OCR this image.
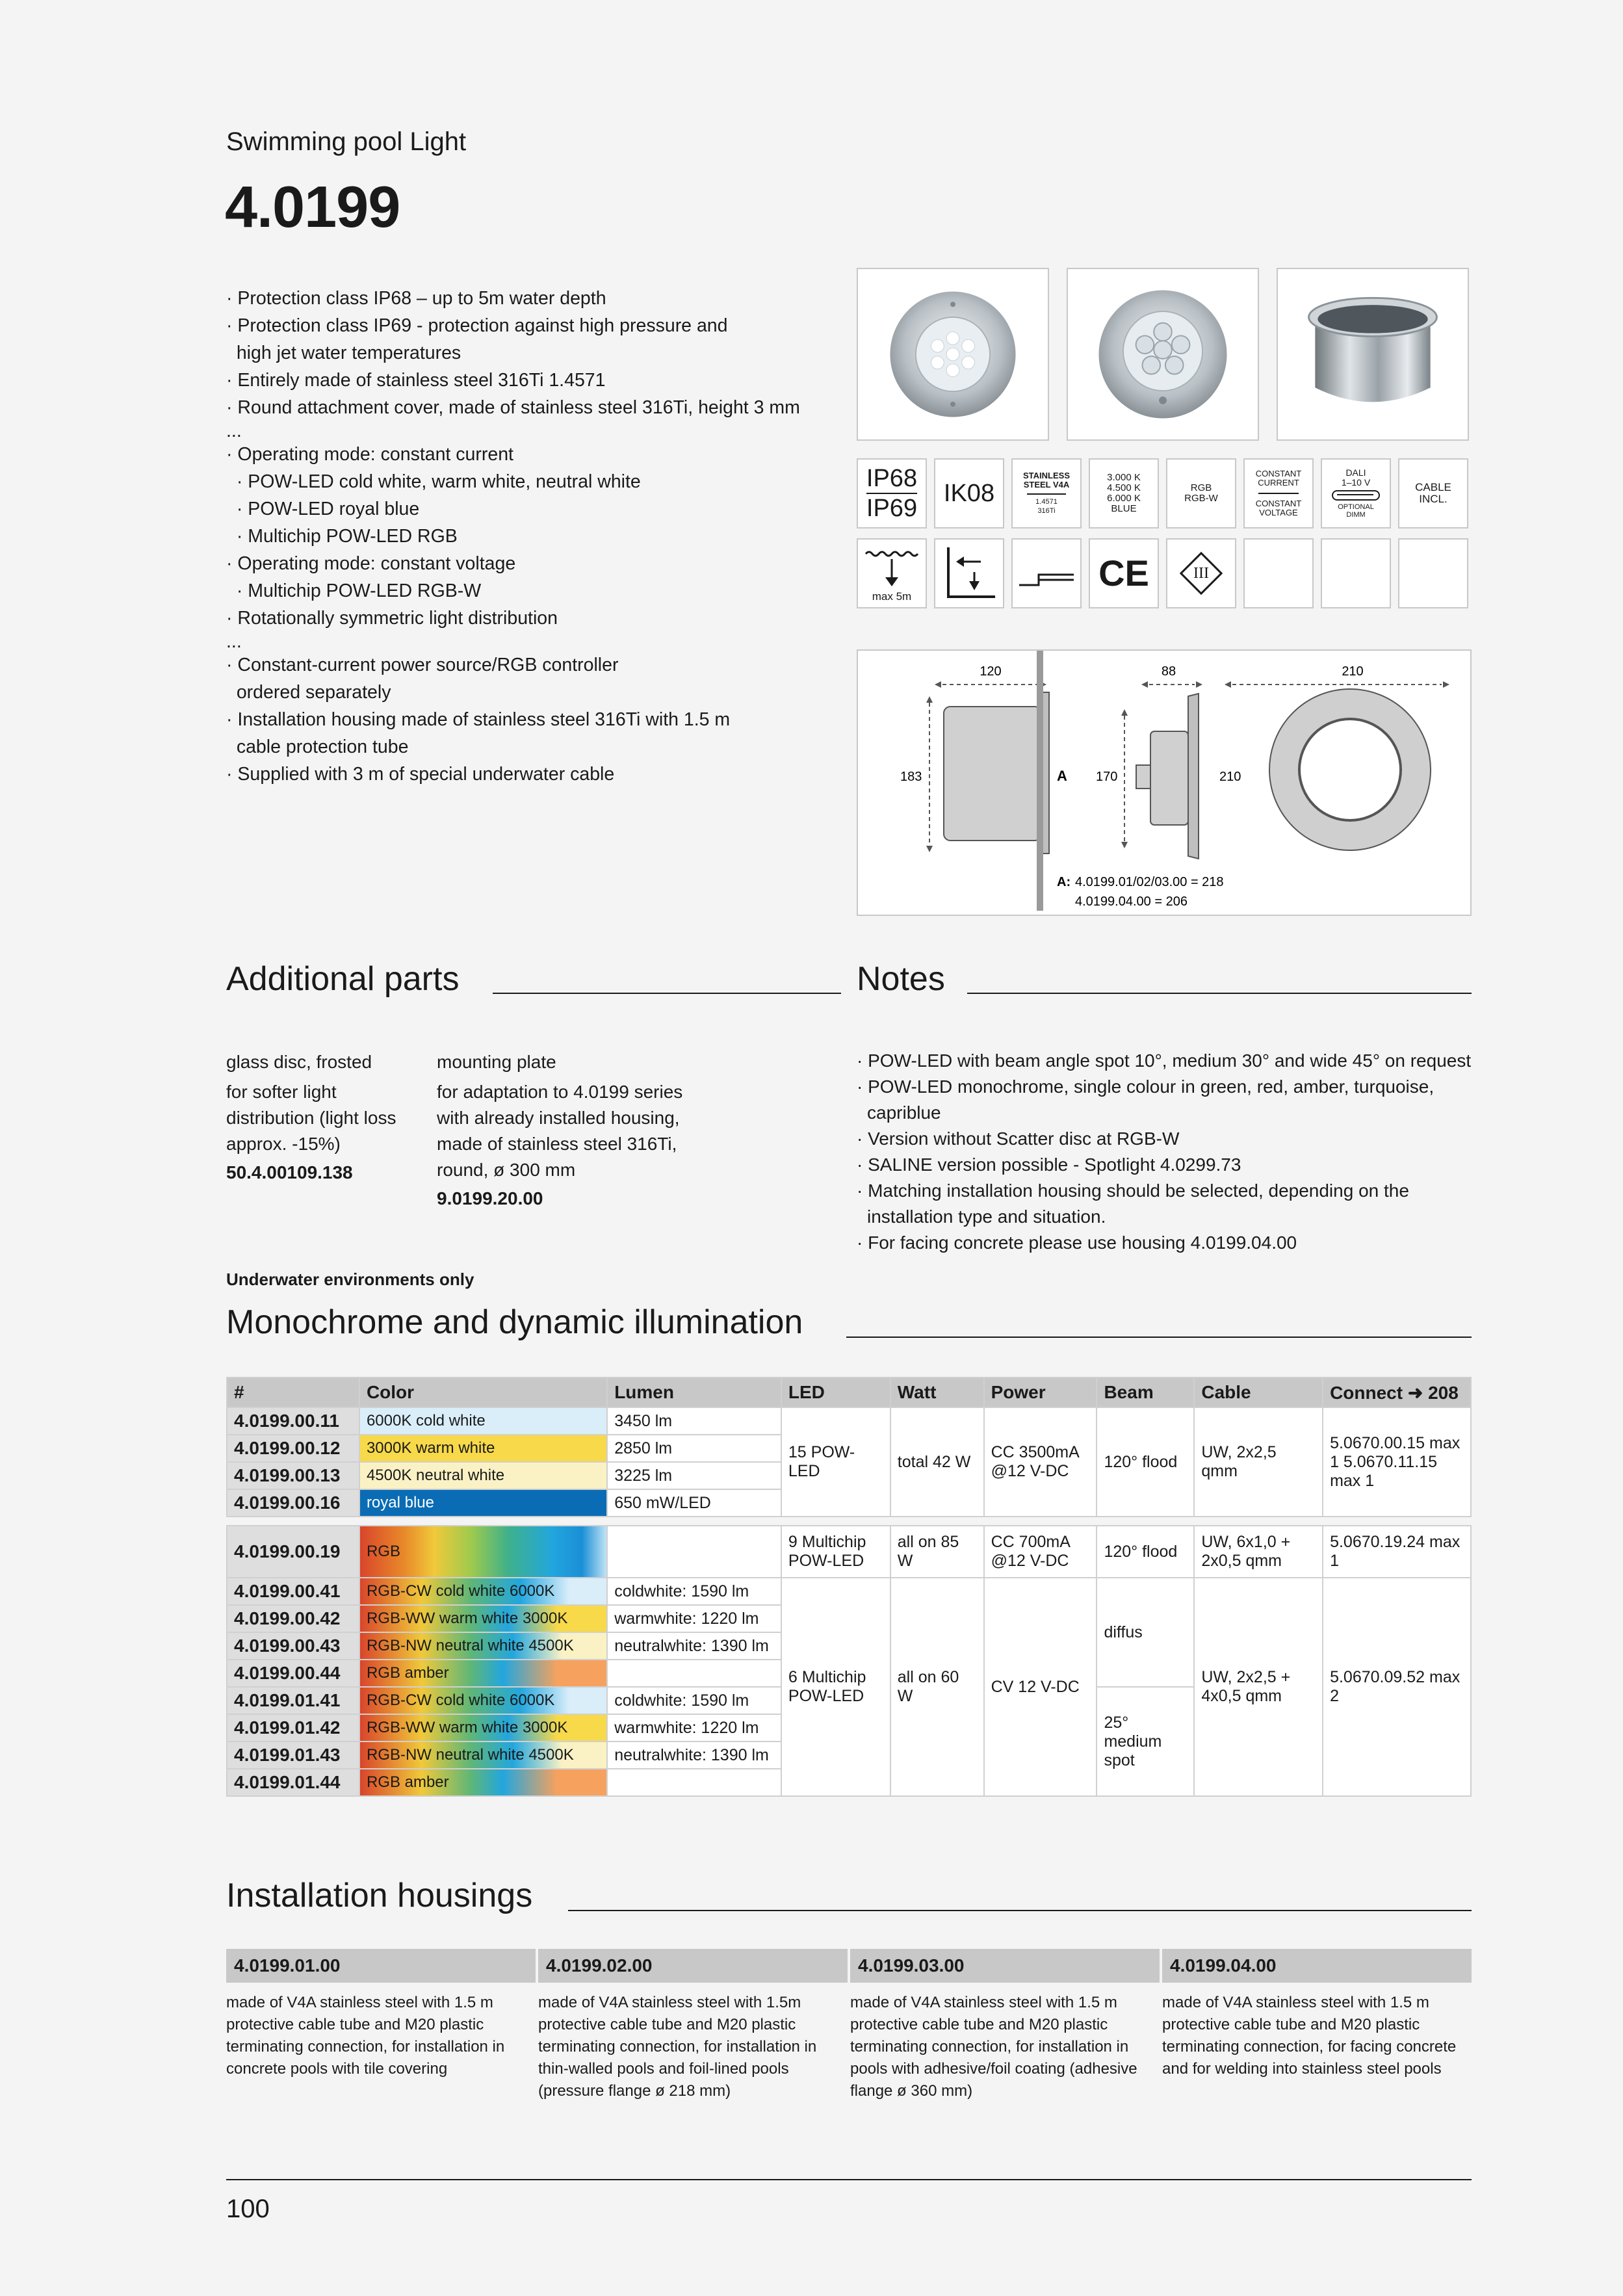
Swimming pool Light
4.0199
· Protection class IP68 – up to 5m water depth
· Protection class IP69 - protection against high pressure and
high jet water temperatures
· Entirely made of stainless steel 316Ti 1.4571
· Round attachment cover, made of stainless steel 316Ti, height 3 mm
...
· Operating mode: constant current
· POW-LED cold white, warm white, neutral white
· POW-LED royal blue
· Multichip POW-LED RGB
· Operating mode: constant voltage
· Multichip POW-LED RGB-W
· Rotationally symmetric light distribution
...
· Constant-current power source/RGB controller
ordered separately
· Installation housing made of stainless steel 316Ti with 1.5 m
cable protection tube
· Supplied with 3 m of special underwater cable
IP68
IP69
IK08
STAINLESS
STEEL V4A
1.4571
316Ti
3.000 K
4.500 K
6.000 K
BLUE
RGB
RGB-W
CONSTANT
CURRENT
CONSTANT
VOLTAGE
DALI
1–10 V
OPTIONAL
DIMM
CABLE
INCL.
max 5m
CE	III
120
183	A
88
170	210
210
A: 4.0199.01/02/03.00 = 218
4.0199.04.00 = 206
Additional parts	Notes
glass disc, frosted
for softer light
distribution (light loss
approx. -15%)
50.4.00109.138
mounting plate
for adaptation to 4.0199 series
with already installed housing,
made of stainless steel 316Ti,
round, ø 300 mm
9.0199.20.00
· POW-LED with beam angle spot 10°, medium 30° and wide 45° on request
· POW-LED monochrome, single colour in green, red, amber, turquoise, capriblue
· Version without Scatter disc at RGB-W
· SALINE version possible - Spotlight 4.0299.73
· Matching installation housing should be selected, depending on the installation type and situation.
· For facing concrete please use housing 4.0199.04.00
Underwater environments only
Monochrome and dynamic illumination
#	Color	Lumen	LED	Watt	Power	Beam	Cable	Connect ➜ 208
4.0199.00.11	6000K cold white	3450 lm	15 POW-LED	total 42 W	CC 3500mA @12 V-DC	120° flood	UW, 2x2,5 qmm	5.0670.00.15 max 1 5.0670.11.15 max 1
4.0199.00.12	3000K warm white	2850 lm						
4.0199.00.13	4500K neutral white	3225 lm						
4.0199.00.16	royal blue	650 mW/LED						

4.0199.00.19	RGB		9 Multichip POW-LED	all on 85 W	CC 700mA @12 V-DC	120° flood	UW, 6x1,0 + 2x0,5 qmm	5.0670.19.24 max 1
4.0199.00.41	RGB-CW cold white 6000K	coldwhite: 1590 lm	6 Multichip POW-LED	all on 60 W	CV 12 V-DC	diffus	UW, 2x2,5 + 4x0,5 qmm	5.0670.09.52 max 2
4.0199.00.42	RGB-WW warm white 3000K	warmwhite: 1220 lm						
4.0199.00.43	RGB-NW neutral white 4500K	neutralwhite: 1390 lm						
4.0199.00.44	RGB amber							
4.0199.01.41	RGB-CW cold white 6000K	coldwhite: 1590 lm				25° medium spot		
4.0199.01.42	RGB-WW warm white 3000K	warmwhite: 1220 lm						
4.0199.01.43	RGB-NW neutral white 4500K	neutralwhite: 1390 lm						
4.0199.01.44	RGB amber							
Installation housings
4.0199.01.00
made of V4A stainless steel with 1.5 m protective cable tube and M20 plastic terminating connection, for installation in concrete pools with tile covering
4.0199.02.00
made of V4A stainless steel with 1.5m protective cable tube and M20 plastic terminating connection, for installation in thin-walled pools and foil-lined pools (pressure flange ø 218 mm)
4.0199.03.00
made of V4A stainless steel with 1.5 m protective cable tube and M20 plastic terminating connection, for installation in pools with adhesive/foil coating (adhesive flange ø 360 mm)
4.0199.04.00
made of V4A stainless steel with 1.5 m protective cable tube and M20 plastic terminating connection, for facing concrete and for welding into stainless steel pools
100
